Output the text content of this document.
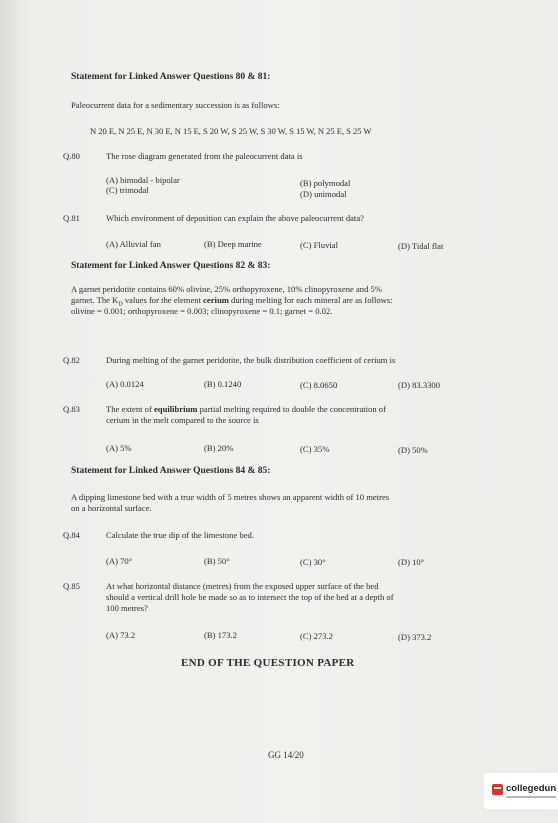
Statement for Linked Answer Questions 80 & 81:
Paleocurrent data for a sedimentary succession is as follows:
N 20 E, N 25 E, N 30 E, N 15 E, S 20 W, S 25 W, S 30 W, S 15 W, N 25 E, S 25 W
Q.80	The rose diagram generated from the paleocurrent data is
(A) bimodal - bipolar	(B) polymodal
(C) trimodal	(D) unimodal
Q.81	Which environment of deposition can explain the above paleocurrent data?
(A) Alluvial fan	(B) Deep marine	(C) Fluvial	(D) Tidal flat
Statement for Linked Answer Questions 82 & 83:
A garnet peridotite contains 60% olivine, 25% orthopyroxene, 10% clinopyroxene and 5%
garnet. The $K_D$ values for the element cerium during melting for each mineral are as follows:
olivine = 0.001; orthopyroxene = 0.003; clinopyroxene = 0.1; garnet = 0.02.
Q.82	During melting of the garnet peridotite, the bulk distribution coefficient of cerium is
(A) 0.0124	(B) 0.1240	(C) 8.0650	(D) 83.3300
Q.83	The extent of equilibrium partial melting required to double the concentration of
cerium in the melt compared to the source is
(A) 5%	(B) 20%	(C) 35%	(D) 50%
Statement for Linked Answer Questions 84 & 85:
A dipping limestone bed with a true width of 5 metres shows an apparent width of 10 metres
on a horizontal surface.
Q.84	Calculate the true dip of the limestone bed.
(A) 70°	(B) 50°	(C) 30°	(D) 10°
Q.85	At what horizontal distance (metres) from the exposed upper surface of the bed
should a vertical drill hole be made so as to intersect the top of the bed at a depth of
100 metres?
(A) 73.2	(B) 173.2	(C) 273.2	(D) 373.2
END OF THE QUESTION PAPER
GG 14/20
collegedun
